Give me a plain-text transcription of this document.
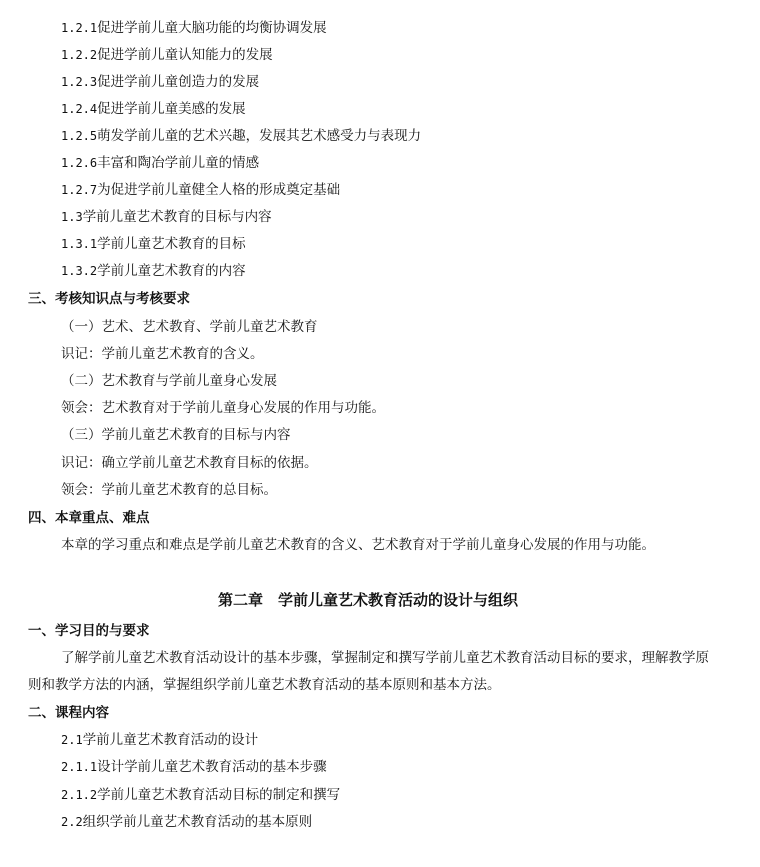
1.2.1促进学前儿童大脑功能的均衡协调发展
1.2.2促进学前儿童认知能力的发展
1.2.3促进学前儿童创造力的发展
1.2.4促进学前儿童美感的发展
1.2.5萌发学前儿童的艺术兴趣，发展其艺术感受力与表现力
1.2.6丰富和陶冶学前儿童的情感
1.2.7为促进学前儿童健全人格的形成奠定基础
1.3学前儿童艺术教育的目标与内容
1.3.1学前儿童艺术教育的目标
1.3.2学前儿童艺术教育的内容
三、考核知识点与考核要求
（一）艺术、艺术教育、学前儿童艺术教育
识记：学前儿童艺术教育的含义。
（二）艺术教育与学前儿童身心发展
领会：艺术教育对于学前儿童身心发展的作用与功能。
（三）学前儿童艺术教育的目标与内容
识记：确立学前儿童艺术教育目标的依据。
领会：学前儿童艺术教育的总目标。
四、本章重点、难点
本章的学习重点和难点是学前儿童艺术教育的含义、艺术教育对于学前儿童身心发展的作用与功能。
第二章　学前儿童艺术教育活动的设计与组织
一、学习目的与要求
了解学前儿童艺术教育活动设计的基本步骤，掌握制定和撰写学前儿童艺术教育活动目标的要求，理解教学原
则和教学方法的内涵，掌握组织学前儿童艺术教育活动的基本原则和基本方法。
二、课程内容
2.1学前儿童艺术教育活动的设计
2.1.1设计学前儿童艺术教育活动的基本步骤
2.1.2学前儿童艺术教育活动目标的制定和撰写
2.2组织学前儿童艺术教育活动的基本原则
